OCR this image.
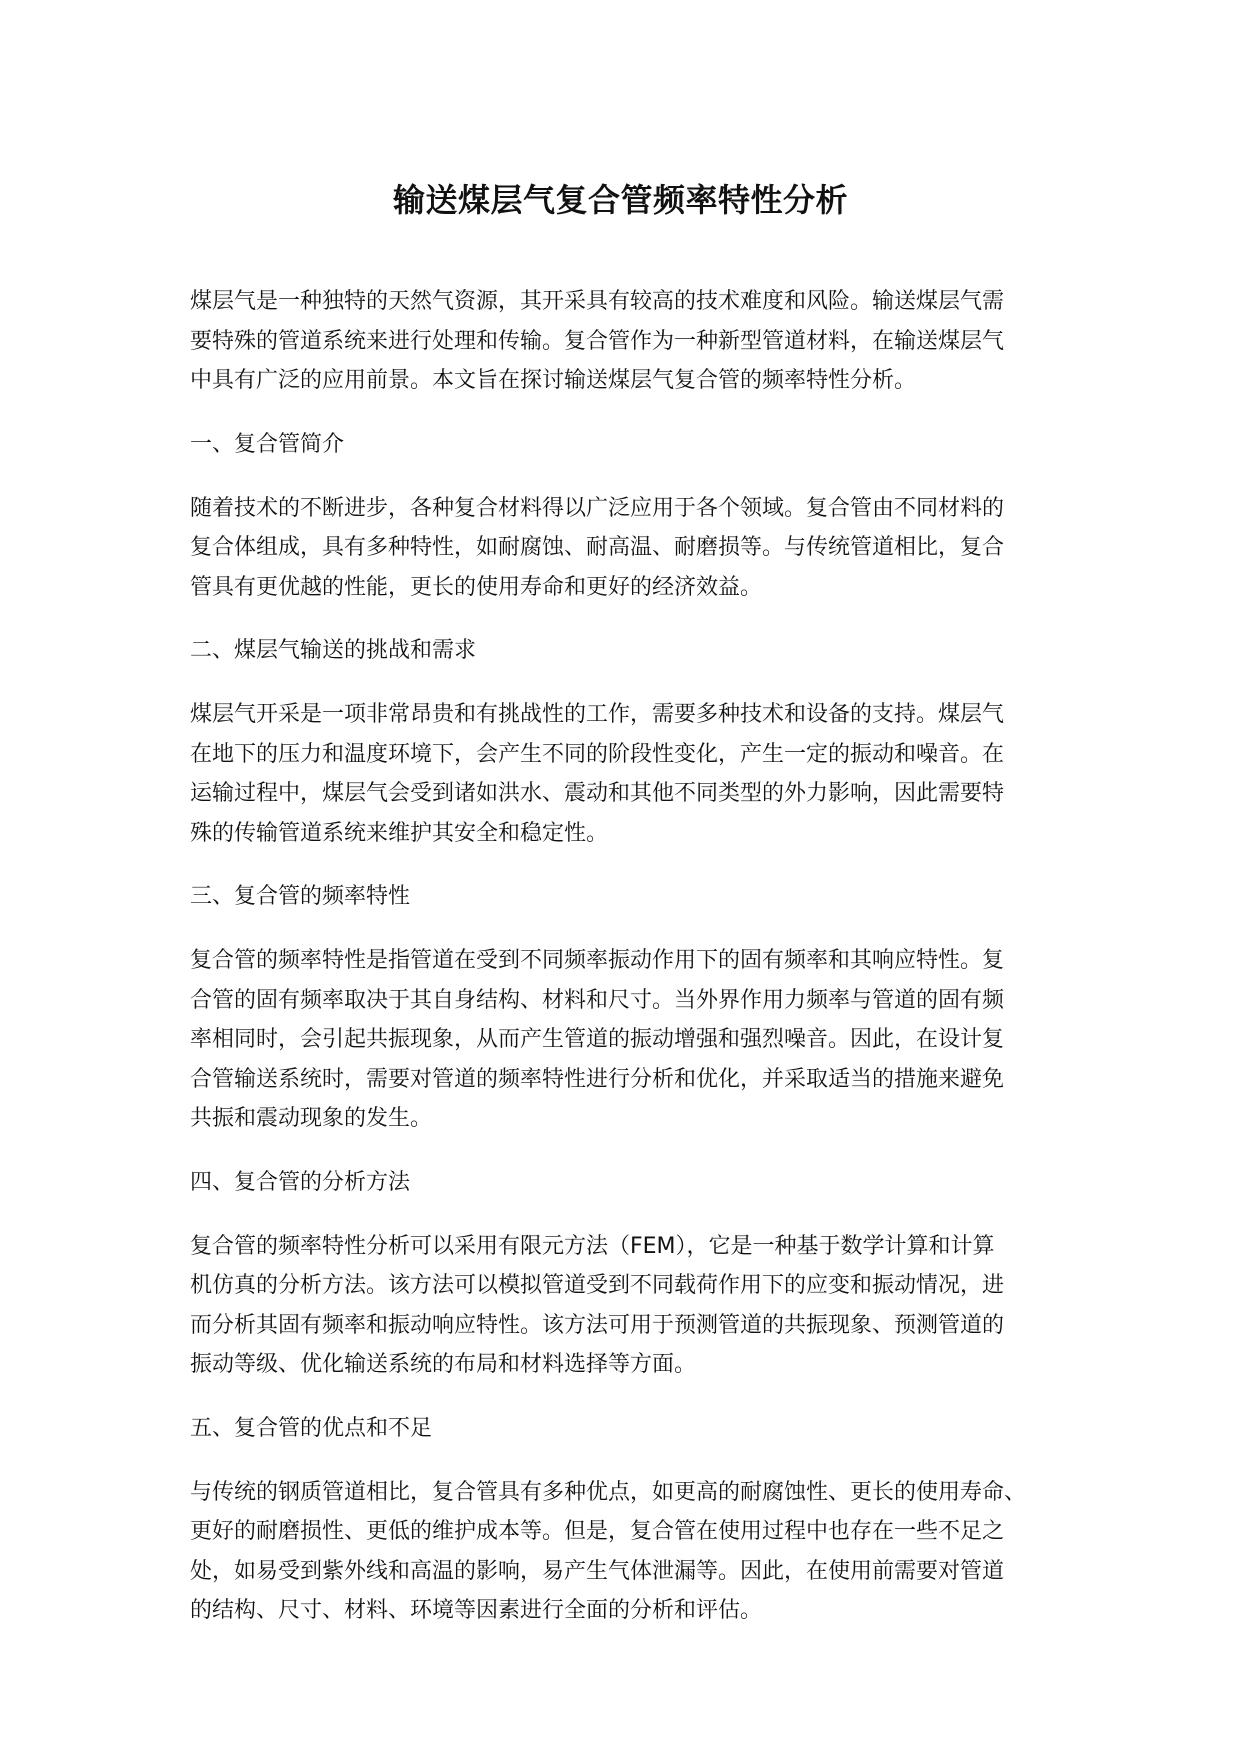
输送煤层气复合管频率特性分析

煤层气是一种独特的天然气资源，其开采具有较高的技术难度和风险。输送煤层气需
要特殊的管道系统来进行处理和传输。复合管作为一种新型管道材料，在输送煤层气
中具有广泛的应用前景。本文旨在探讨输送煤层气复合管的频率特性分析。

一、复合管简介

随着技术的不断进步，各种复合材料得以广泛应用于各个领域。复合管由不同材料的
复合体组成，具有多种特性，如耐腐蚀、耐高温、耐磨损等。与传统管道相比，复合
管具有更优越的性能，更长的使用寿命和更好的经济效益。

二、煤层气输送的挑战和需求

煤层气开采是一项非常昂贵和有挑战性的工作，需要多种技术和设备的支持。煤层气
在地下的压力和温度环境下，会产生不同的阶段性变化，产生一定的振动和噪音。在
运输过程中，煤层气会受到诸如洪水、震动和其他不同类型的外力影响，因此需要特
殊的传输管道系统来维护其安全和稳定性。

三、复合管的频率特性

复合管的频率特性是指管道在受到不同频率振动作用下的固有频率和其响应特性。复
合管的固有频率取决于其自身结构、材料和尺寸。当外界作用力频率与管道的固有频
率相同时，会引起共振现象，从而产生管道的振动增强和强烈噪音。因此，在设计复
合管输送系统时，需要对管道的频率特性进行分析和优化，并采取适当的措施来避免
共振和震动现象的发生。

四、复合管的分析方法

复合管的频率特性分析可以采用有限元方法（FEM），它是一种基于数学计算和计算
机仿真的分析方法。该方法可以模拟管道受到不同载荷作用下的应变和振动情况，进
而分析其固有频率和振动响应特性。该方法可用于预测管道的共振现象、预测管道的
振动等级、优化输送系统的布局和材料选择等方面。

五、复合管的优点和不足

与传统的钢质管道相比，复合管具有多种优点，如更高的耐腐蚀性、更长的使用寿命、
更好的耐磨损性、更低的维护成本等。但是，复合管在使用过程中也存在一些不足之
处，如易受到紫外线和高温的影响，易产生气体泄漏等。因此，在使用前需要对管道
的结构、尺寸、材料、环境等因素进行全面的分析和评估。
